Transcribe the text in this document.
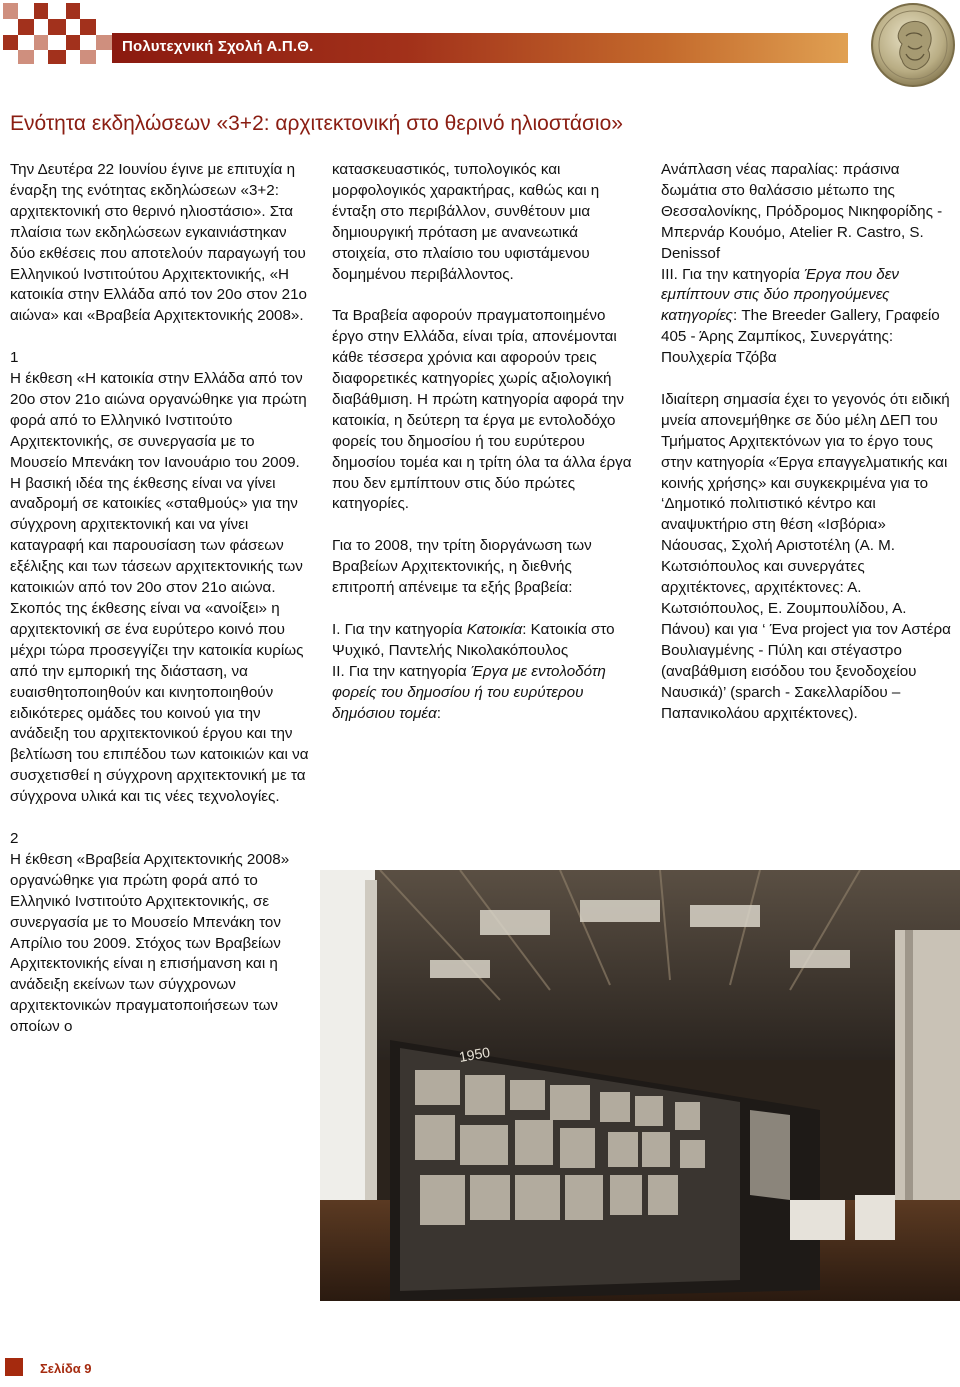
Πολυτεχνική Σχολή Α.Π.Θ.
Ενότητα εκδηλώσεων «3+2: αρχιτεκτονική στο θερινό ηλιοστάσιο»

Την Δευτέρα 22 Ιουνίου έγινε με επιτυχία η έναρξη της ενότητας εκδηλώσεων «3+2: αρχιτεκτονική στο θερινό ηλιοστάσιο». Στα πλαίσια των εκδηλώσεων εγκαινιάστηκαν δύο εκθέσεις που αποτελούν παραγωγή του Ελληνικού Ινστιτούτου Αρχιτεκτονικής, «Η κατοικία στην Ελλάδα από τον 20ο στον 21ο αιώνα» και «Βραβεία Αρχιτεκτονικής 2008».

1

Η έκθεση «Η κατοικία στην Ελλάδα από τον 20ο στον 21ο αιώνα οργανώθηκε για πρώτη φορά από το Ελληνικό Ινστιτούτο Αρχιτεκτονικής, σε συνεργασία με το Μουσείο Μπενάκη τον Ιανουάριο του 2009. Η βασική ιδέα της έκθεσης είναι να γίνει αναδρομή σε κατοικίες «σταθμούς» για την σύγχρονη αρχιτεκτονική και να γίνει καταγραφή και παρουσίαση των φάσεων εξέλιξης και των τάσεων αρχιτεκτονικής των κατοικιών από τον 20ο στον 21ο αιώνα. Σκοπός της έκθεσης είναι να «ανοίξει» η αρχιτεκτονική σε ένα ευρύτερο κοινό που μέχρι τώρα προσεγγίζει την κατοικία κυρίως από την εμπορική της διάσταση, να ευαισθητοποιηθούν και κινητοποιηθούν ειδικότερες ομάδες του κοινού για την ανάδειξη του αρχιτεκτονικού έργου και την βελτίωση του επιπέδου των κατοικιών και να συσχετισθεί η σύγχρονη αρχιτεκτονική με τα σύγχρονα υλικά και τις νέες τεχνολογίες.

2

Η έκθεση «Βραβεία Αρχιτεκτονικής 2008» οργανώθηκε για πρώτη φορά από το Ελληνικό Ινστιτούτο Αρχιτεκτονικής, σε συνεργασία με το Μουσείο Μπενάκη τον Απρίλιο του 2009. Στόχος των Βραβείων Αρχιτεκτονικής είναι η επισήμανση και η ανάδειξη εκείνων των σύγχρονων αρχιτεκτονικών πραγματοποιήσεων των οποίων ο

κατασκευαστικός, τυπολογικός και μορφολογικός χαρακτήρας, καθώς και η ένταξη στο περιβάλλον, συνθέτουν μια δημιουργική πρόταση με ανανεωτικά στοιχεία, στο πλαίσιο του υφιστάμενου δομημένου περιβάλλοντος.

Τα Βραβεία αφορούν πραγματοποιημένο έργο στην Ελλάδα, είναι τρία, απονέμονται κάθε τέσσερα χρόνια και αφορούν τρεις διαφορετικές κατηγορίες χωρίς αξιολογική διαβάθμιση. Η πρώτη κατηγορία αφορά την κατοικία, η δεύτερη τα έργα με εντολοδόχο φορείς του δημοσίου ή του ευρύτερου δημοσίου τομέα και η τρίτη όλα τα άλλα έργα που δεν εμπίπτουν στις δύο πρώτες κατηγορίες.

Για το 2008, την τρίτη διοργάνωση των Βραβείων Αρχιτεκτονικής, η διεθνής επιτροπή απένειμε τα εξής βραβεία:

I. Για την κατηγορία Κατοικία: Κατοικία στο Ψυχικό, Παντελής Νικολακόπουλος

II. Για την κατηγορία Έργα με εντολοδότη φορείς του δημοσίου ή του ευρύτερου δημόσιου τομέα:

Ανάπλαση νέας παραλίας: πράσινα δωμάτια στο θαλάσσιο μέτωπο της Θεσσαλονίκης, Πρόδρομος Νικηφορίδης - Μπερνάρ Κουόμο, Atelier R. Castro, S. Denissof

III. Για την κατηγορία Έργα που δεν εμπίπτουν στις δύο προηγούμενες κατηγορίες: The Breeder Gallery, Γραφείο 405 - Άρης Ζαμπίκος, Συνεργάτης: Πουλχερία Τζόβα

Ιδιαίτερη σημασία έχει το γεγονός ότι ειδική μνεία απονεμήθηκε σε δύο μέλη ΔΕΠ του Τμήματος Αρχιτεκτόνων για το έργο τους στην κατηγορία «Έργα επαγγελματικής και κοινής χρήσης» και συγκεκριμένα για το ‘Δημοτικό πολιτιστικό κέντρο και αναψυκτήριο στη θέση «Ισβόρια» Νάουσας, Σχολή Αριστοτέλη (Α. Μ. Κωτσιόπουλος και συνεργάτες αρχιτέκτονες, αρχιτέκτονες: Α. Κωτσιόπουλος, Ε. Ζουμπουλίδου, Α. Πάνου) και για ‘ Ένα project για τον Αστέρα Βουλιαγμένης - Πύλη και στέγαστρο (αναβάθμιση εισόδου του ξενοδοχείου Ναυσικά)’ (sparch - Σακελλαρίδου – Παπανικολάου αρχιτέκτονες).

1950
Σελίδα 9
